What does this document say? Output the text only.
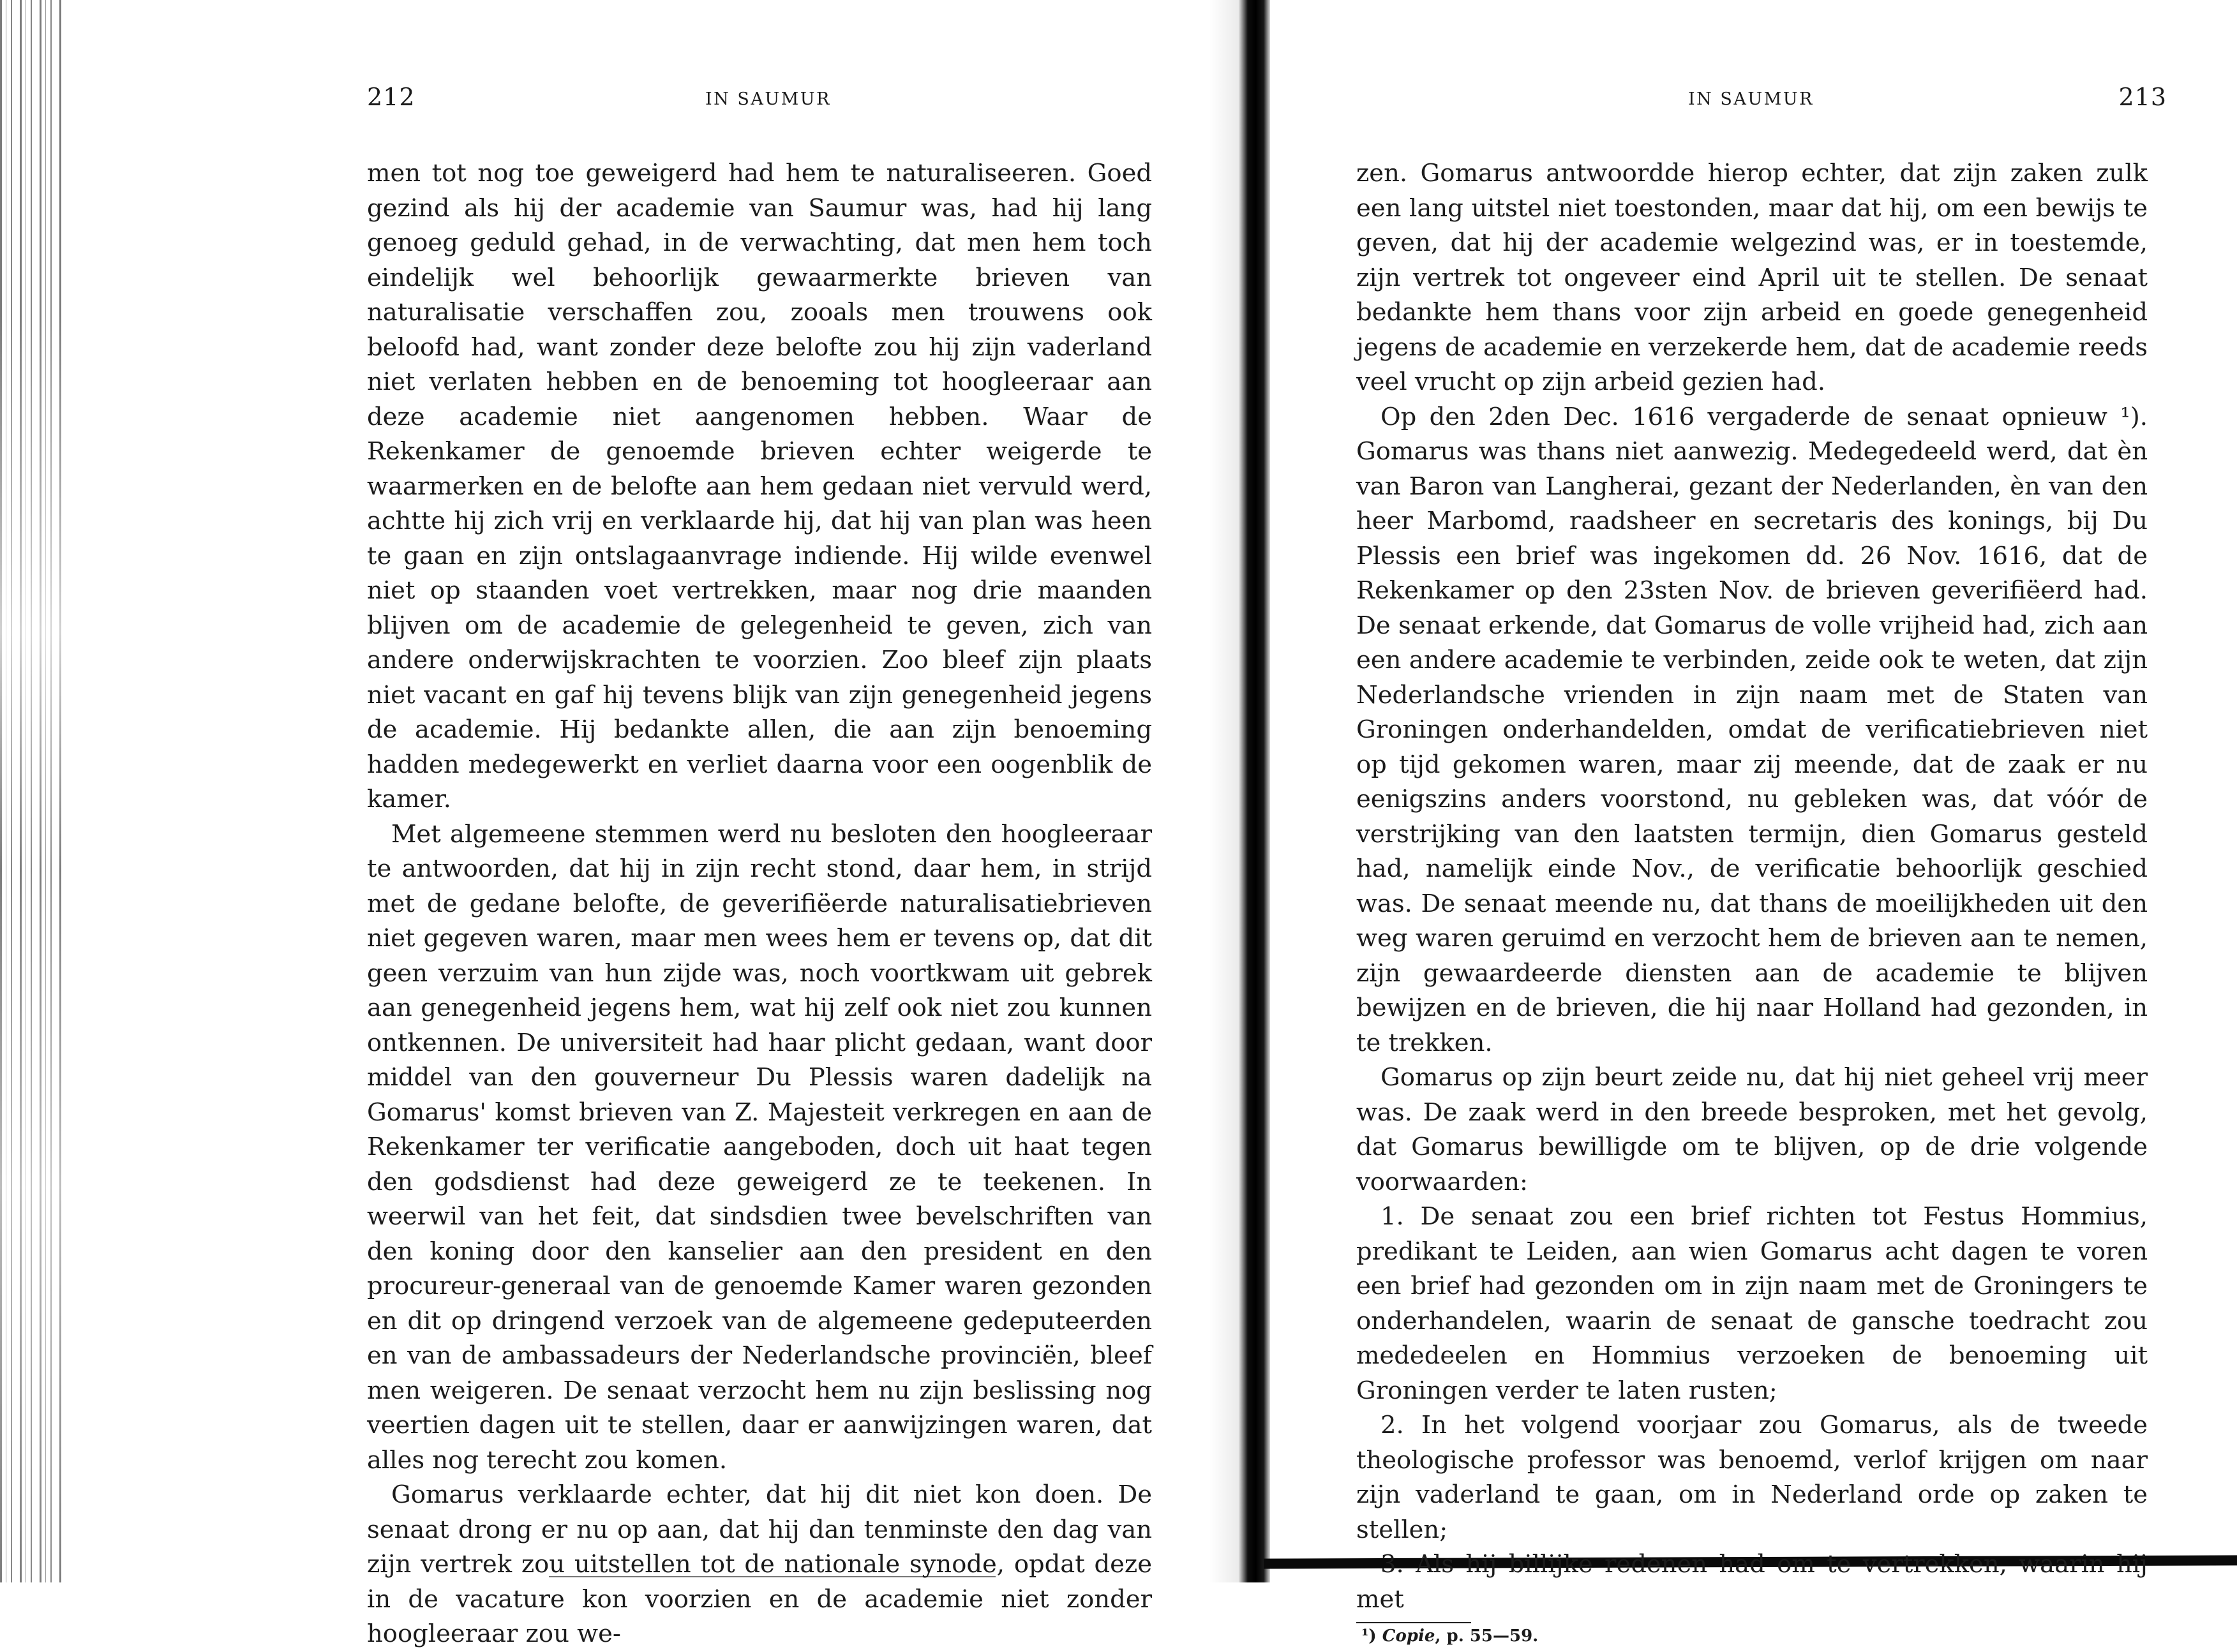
212	IN SAUMUR

men tot nog toe geweigerd had hem te naturaliseeren. Goed gezind als hij der academie van Saumur was, had hij lang genoeg geduld gehad, in de verwachting, dat men hem toch eindelijk wel behoorlijk gewaarmerkte brieven van naturalisatie verschaffen zou, zooals men trouwens ook beloofd had, want zonder deze belofte zou hij zijn vaderland niet verlaten hebben en de benoeming tot hoogleeraar aan deze academie niet aangenomen hebben. Waar de Rekenkamer de genoemde brieven echter weigerde te waarmerken en de belofte aan hem gedaan niet vervuld werd, achtte hij zich vrij en verklaarde hij, dat hij van plan was heen te gaan en zijn ontslagaanvrage indiende. Hij wilde evenwel niet op staanden voet vertrekken, maar nog drie maanden blijven om de academie de gelegenheid te geven, zich van andere onderwijskrachten te voorzien. Zoo bleef zijn plaats niet vacant en gaf hij tevens blijk van zijn genegenheid jegens de academie. Hij bedankte allen, die aan zijn benoeming hadden medegewerkt en verliet daarna voor een oogenblik de kamer.

Met algemeene stemmen werd nu besloten den hoogleeraar te antwoorden, dat hij in zijn recht stond, daar hem, in strijd met de gedane belofte, de geverifiëerde naturalisatiebrieven niet gegeven waren, maar men wees hem er tevens op, dat dit geen verzuim van hun zijde was, noch voortkwam uit gebrek aan genegenheid jegens hem, wat hij zelf ook niet zou kunnen ontkennen. De universiteit had haar plicht gedaan, want door middel van den gouverneur Du Plessis waren dadelijk na Gomarus' komst brieven van Z. Majesteit verkregen en aan de Rekenkamer ter verificatie aangeboden, doch uit haat tegen den godsdienst had deze geweigerd ze te teekenen. In weerwil van het feit, dat sindsdien twee bevelschriften van den koning door den kanselier aan den president en den procureur-generaal van de genoemde Kamer waren gezonden en dit op dringend verzoek van de algemeene gedeputeerden en van de ambassadeurs der Nederlandsche provinciën, bleef men weigeren. De senaat verzocht hem nu zijn beslissing nog veertien dagen uit te stellen, daar er aanwijzingen waren, dat alles nog terecht zou komen.

Gomarus verklaarde echter, dat hij dit niet kon doen. De senaat drong er nu op aan, dat hij dan tenminste den dag van zijn vertrek zou uitstellen tot de nationale synode, opdat deze in de vacature kon voorzien en de academie niet zonder hoogleeraar zou we-

IN SAUMUR	213

zen. Gomarus antwoordde hierop echter, dat zijn zaken zulk een lang uitstel niet toestonden, maar dat hij, om een bewijs te geven, dat hij der academie welgezind was, er in toestemde, zijn vertrek tot ongeveer eind April uit te stellen. De senaat bedankte hem thans voor zijn arbeid en goede genegenheid jegens de academie en verzekerde hem, dat de academie reeds veel vrucht op zijn arbeid gezien had.

Op den 2den Dec. 1616 vergaderde de senaat opnieuw ¹). Gomarus was thans niet aanwezig. Medegedeeld werd, dat èn van Baron van Langherai, gezant der Nederlanden, èn van den heer Marbomd, raadsheer en secretaris des konings, bij Du Plessis een brief was ingekomen dd. 26 Nov. 1616, dat de Rekenkamer op den 23sten Nov. de brieven geverifiëerd had. De senaat erkende, dat Gomarus de volle vrijheid had, zich aan een andere academie te verbinden, zeide ook te weten, dat zijn Nederlandsche vrienden in zijn naam met de Staten van Groningen onderhandelden, omdat de verificatiebrieven niet op tijd gekomen waren, maar zij meende, dat de zaak er nu eenigszins anders voorstond, nu gebleken was, dat vóór de verstrijking van den laatsten termijn, dien Gomarus gesteld had, namelijk einde Nov., de verificatie behoorlijk geschied was. De senaat meende nu, dat thans de moeilijkheden uit den weg waren geruimd en verzocht hem de brieven aan te nemen, zijn gewaardeerde diensten aan de academie te blijven bewijzen en de brieven, die hij naar Holland had gezonden, in te trekken.

Gomarus op zijn beurt zeide nu, dat hij niet geheel vrij meer was. De zaak werd in den breede besproken, met het gevolg, dat Gomarus bewilligde om te blijven, op de drie volgende voorwaarden:

1. De senaat zou een brief richten tot Festus Hommius, predikant te Leiden, aan wien Gomarus acht dagen te voren een brief had gezonden om in zijn naam met de Groningers te onderhandelen, waarin de senaat de gansche toedracht zou mededeelen en Hommius verzoeken de benoeming uit Groningen verder te laten rusten;

2. In het volgend voorjaar zou Gomarus, als de tweede theologische professor was benoemd, verlof krijgen om naar zijn vaderland te gaan, om in Nederland orde op zaken te stellen;

3. Als hij billijke redenen had om te vertrekken, waarin hij met

¹) Copie, p. 55—59.
